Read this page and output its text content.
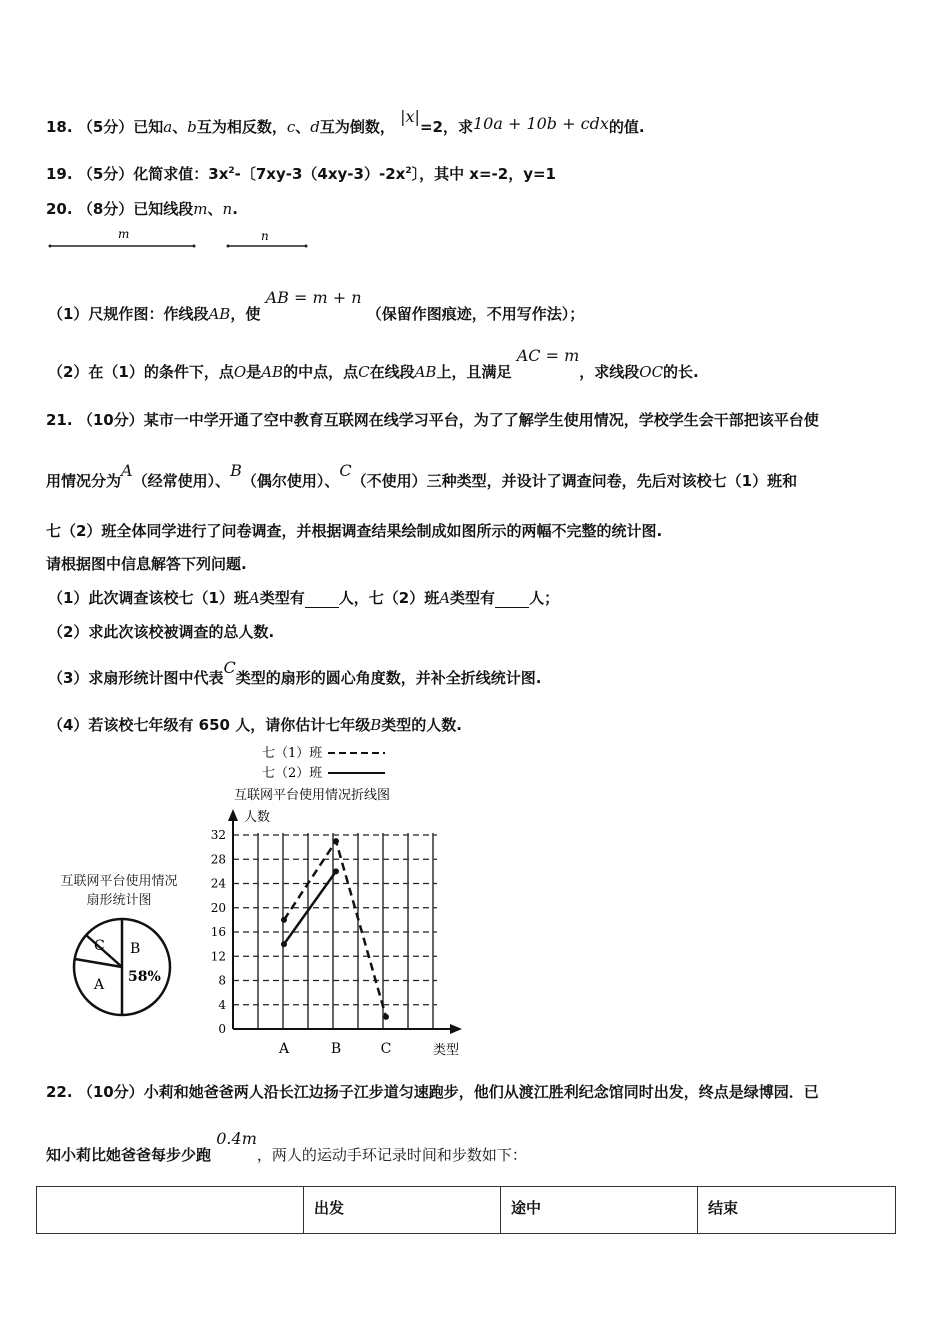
18. （5分）已知a、b互为相反数，c、d互为倒数， |x|=2，求10a + 10b + cdx的值.
19. （5分）化简求值：$3x^2-$〔$7xy-3(4xy-3)-2x^2$〕，其中 x=-2，y=1
20. （8分）已知线段m、n.
m	n
（1）尺规作图：作线段AB，使 AB = m + n （保留作图痕迹，不用写作法）；
（2）在（1）的条件下，点O是AB的中点，点C在线段AB上，且满足 AC = m，求线段OC的长.
21. （10分）某市一中学开通了空中教育互联网在线学习平台，为了了解学生使用情况，学校学生会干部把该平台使
用情况分为A（经常使用）、B（偶尔使用）、C（不使用）三种类型，并设计了调查问卷，先后对该校七（1）班和
七（2）班全体同学进行了问卷调查，并根据调查结果绘制成如图所示的两幅不完整的统计图.
请根据图中信息解答下列问题.
（1）此次调查该校七（1）班A类型有 人，七（2）班A类型有 人；
（2）求此次该校被调查的总人数.
（3）求扇形统计图中代表C类型的扇形的圆心角度数，并补全折线统计图.
（4）若该校七年级有 650 人，请你估计七年级B类型的人数.
互联网平台使用情况
扇形统计图
C B
58%
A
七（1）班
七（2）班
互联网平台使用情况折线图
人数
类型
0
4
8
12
16
20
24
28
32
A	B	C
22. （10分）小莉和她爸爸两人沿长江边扬子江步道匀速跑步，他们从渡江胜利纪念馆同时出发，终点是绿博园．已
知小莉比她爸爸每步少跑 0.4m，两人的运动手环记录时间和步数如下：
	出发	途中	结束
